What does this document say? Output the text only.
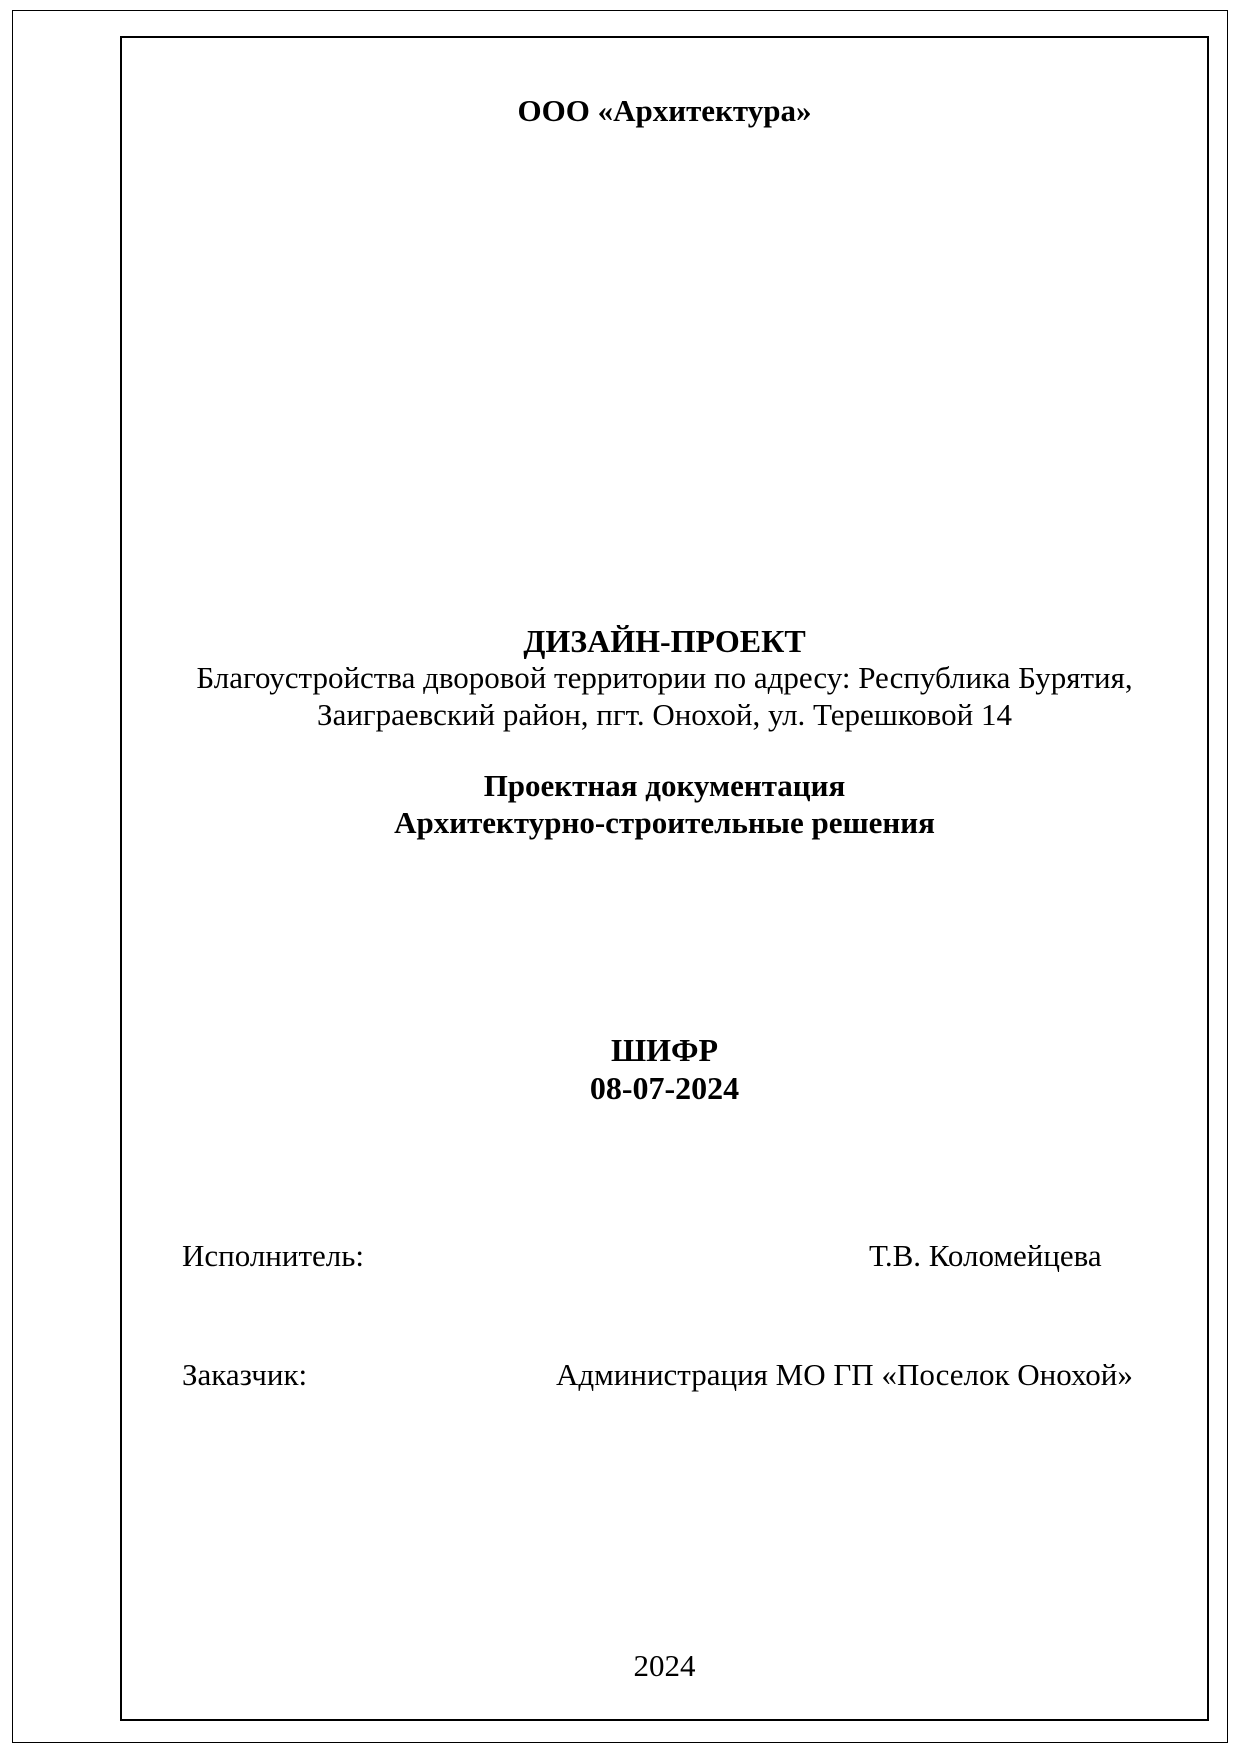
ООО «Архитектура»
ДИЗАЙН-ПРОЕКТ
Благоустройства дворовой территории по адресу: Республика Бурятия,
Заиграевский район, пгт. Онохой, ул. Терешковой 14
Проектная документация
Архитектурно-строительные решения
ШИФР
08-07-2024
Исполнитель:	Т.В. Коломейцева
Заказчик:	Администрация МО ГП «Поселок Онохой»
2024
